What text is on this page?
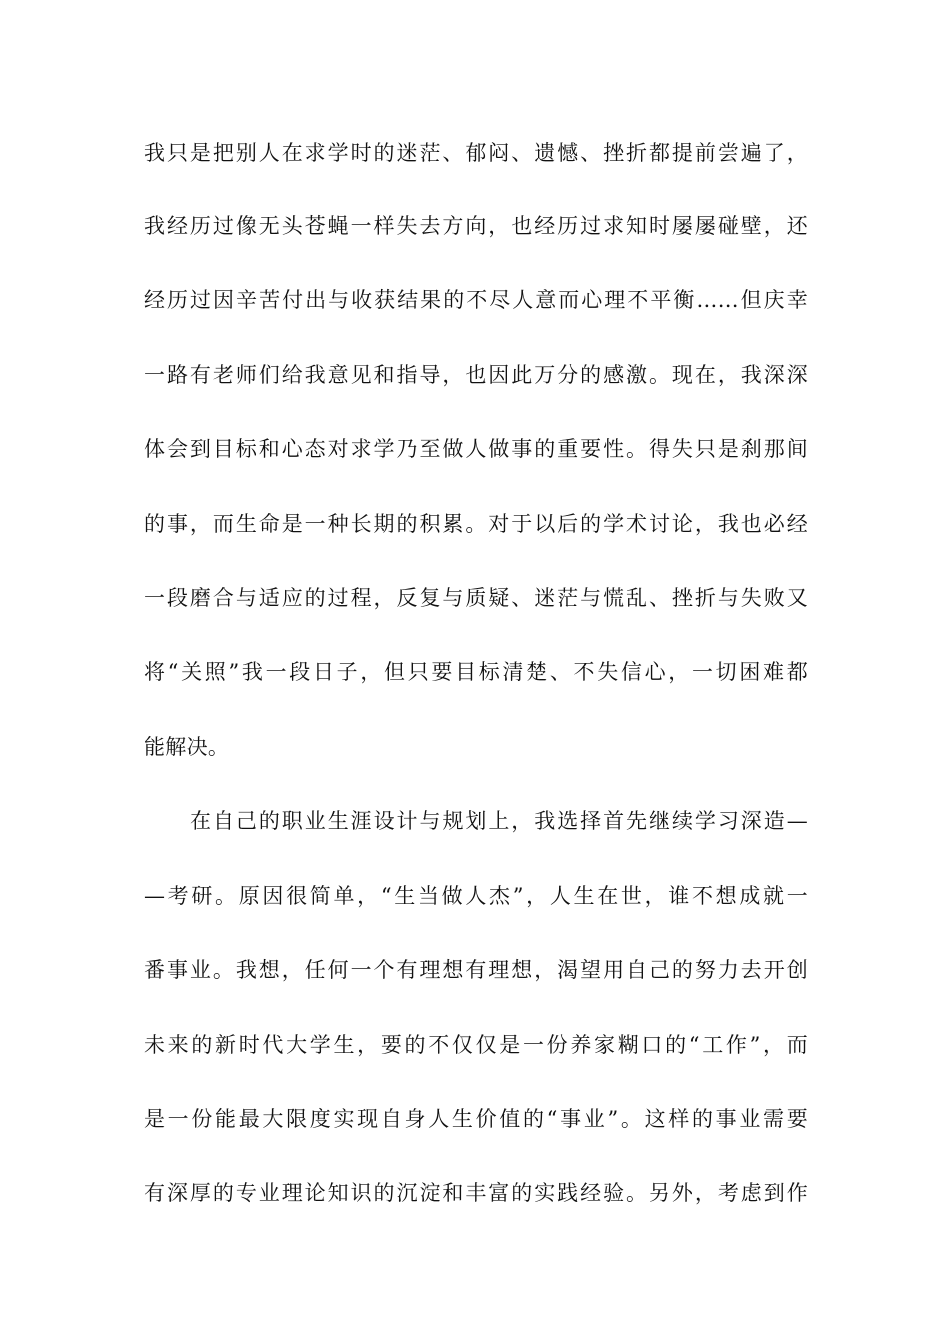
我只是把别人在求学时的迷茫、郁闷、遗憾、挫折都提前尝遍了，
我经历过像无头苍蝇一样失去方向，也经历过求知时屡屡碰壁，还
经历过因辛苦付出与收获结果的不尽人意而心理不平衡……但庆幸
一路有老师们给我意见和指导，也因此万分的感激。现在，我深深
体会到目标和心态对求学乃至做人做事的重要性。得失只是刹那间
的事，而生命是一种长期的积累。对于以后的学术讨论，我也必经
一段磨合与适应的过程，反复与质疑、迷茫与慌乱、挫折与失败又
将“关照”我一段日子，但只要目标清楚、不失信心，一切困难都
能解决。
在自己的职业生涯设计与规划上，我选择首先继续学习深造—
—考研。原因很简单，“生当做人杰”，人生在世，谁不想成就一
番事业。我想，任何一个有理想有理想，渴望用自己的努力去开创
未来的新时代大学生，要的不仅仅是一份养家糊口的“工作”，而
是一份能最大限度实现自身人生价值的“事业”。这样的事业需要
有深厚的专业理论知识的沉淀和丰富的实践经验。另外，考虑到作
